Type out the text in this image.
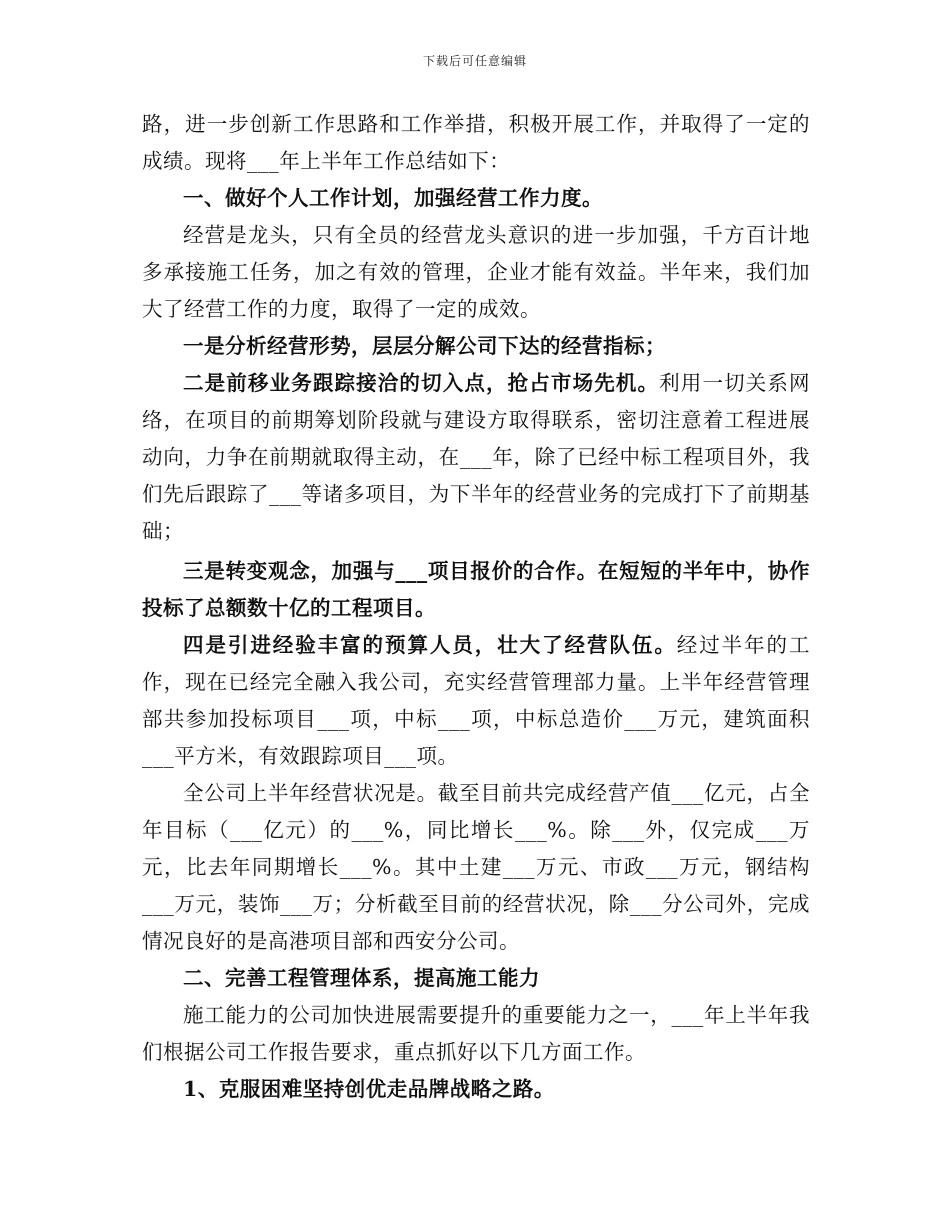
下载后可任意编辑

路，进一步创新工作思路和工作举措，积极开展工作，并取得了一定的成绩。现将___年上半年工作总结如下：

一、做好个人工作计划，加强经营工作力度。

经营是龙头，只有全员的经营龙头意识的进一步加强，千方百计地多承接施工任务，加之有效的管理，企业才能有效益。半年来，我们加大了经营工作的力度，取得了一定的成效。

一是分析经营形势，层层分解公司下达的经营指标；

二是前移业务跟踪接洽的切入点，抢占市场先机。利用一切关系网络，在项目的前期筹划阶段就与建设方取得联系，密切注意着工程进展动向，力争在前期就取得主动，在___年，除了已经中标工程项目外，我们先后跟踪了___等诸多项目，为下半年的经营业务的完成打下了前期基础；

三是转变观念，加强与___项目报价的合作。在短短的半年中，协作投标了总额数十亿的工程项目。

四是引进经验丰富的预算人员，壮大了经营队伍。经过半年的工作，现在已经完全融入我公司，充实经营管理部力量。上半年经营管理部共参加投标项目___项，中标___项，中标总造价___万元，建筑面积___平方米，有效跟踪项目___项。

全公司上半年经营状况是。截至目前共完成经营产值___亿元，占全年目标（___亿元）的___%，同比增长___%。除___外，仅完成___万元，比去年同期增长___%。其中土建___万元、市政___万元，钢结构___万元，装饰___万；分析截至目前的经营状况，除___分公司外，完成情况良好的是高港项目部和西安分公司。

二、完善工程管理体系，提高施工能力

施工能力的公司加快进展需要提升的重要能力之一，___年上半年我们根据公司工作报告要求，重点抓好以下几方面工作。

1、克服困难坚持创优走品牌战略之路。
